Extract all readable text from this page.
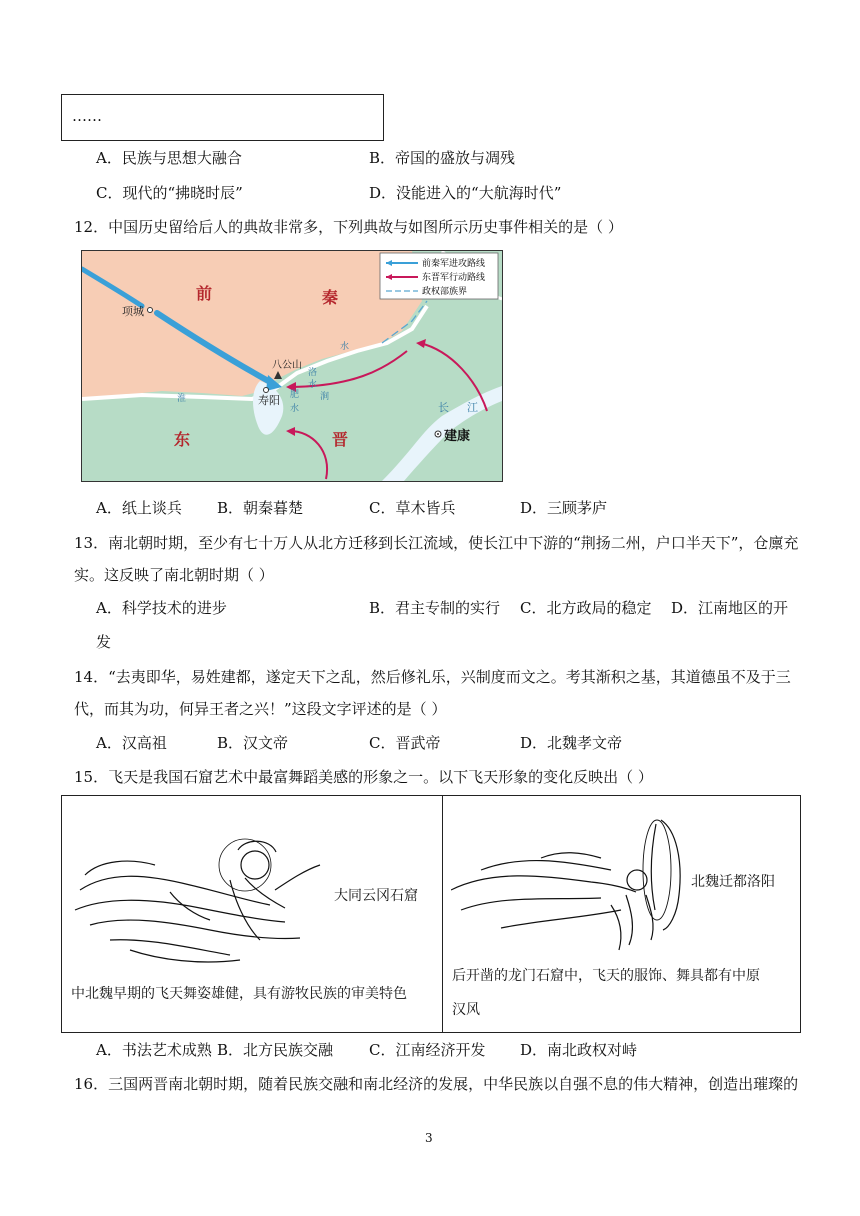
……
A．民族与思想大融合	B．帝国的盛放与凋残
C．现代的“拂晓时辰”	D．没能进入的“大航海时代”
12．中国历史留给后人的典故非常多，下列典故与如图所示历史事件相关的是（ ）
前秦军进攻路线
东晋军行动路线
政权部族界
前	秦
东	晋
项城
八公山
寿阳
建康
长 江
水
淮
洛
水
肥 涧
水
A．纸上谈兵 B．朝秦暮楚	C．草木皆兵	D．三顾茅庐
13．南北朝时期，至少有七十万人从北方迁移到长江流域，使长江中下游的“荆扬二州，户口半天下”，仓廪充
实。这反映了南北朝时期（ ）
A．科学技术的进步	B．君主专制的实行 C．北方政局的稳定 D．江南地区的开
发
14．“去夷即华，易姓建都，遂定天下之乱，然后修礼乐，兴制度而文之。考其渐积之基，其道德虽不及于三
代，而其为功，何异王者之兴！”这段文字评述的是（ ）
A．汉高祖	B．汉文帝	C．晋武帝	D．北魏孝文帝
15．飞天是我国石窟艺术中最富舞蹈美感的形象之一。以下飞天形象的变化反映出（ ）
大同云冈石窟
中北魏早期的飞天舞姿雄健，具有游牧民族的审美特色
北魏迁都洛阳
后开凿的龙门石窟中，飞天的服饰、舞具都有中原
汉风
A．书法艺术成熟 B．北方民族交融 C．江南经济开发 D．南北政权对峙
16．三国两晋南北朝时期，随着民族交融和南北经济的发展，中华民族以自强不息的伟大精神，创造出璀璨的
3
